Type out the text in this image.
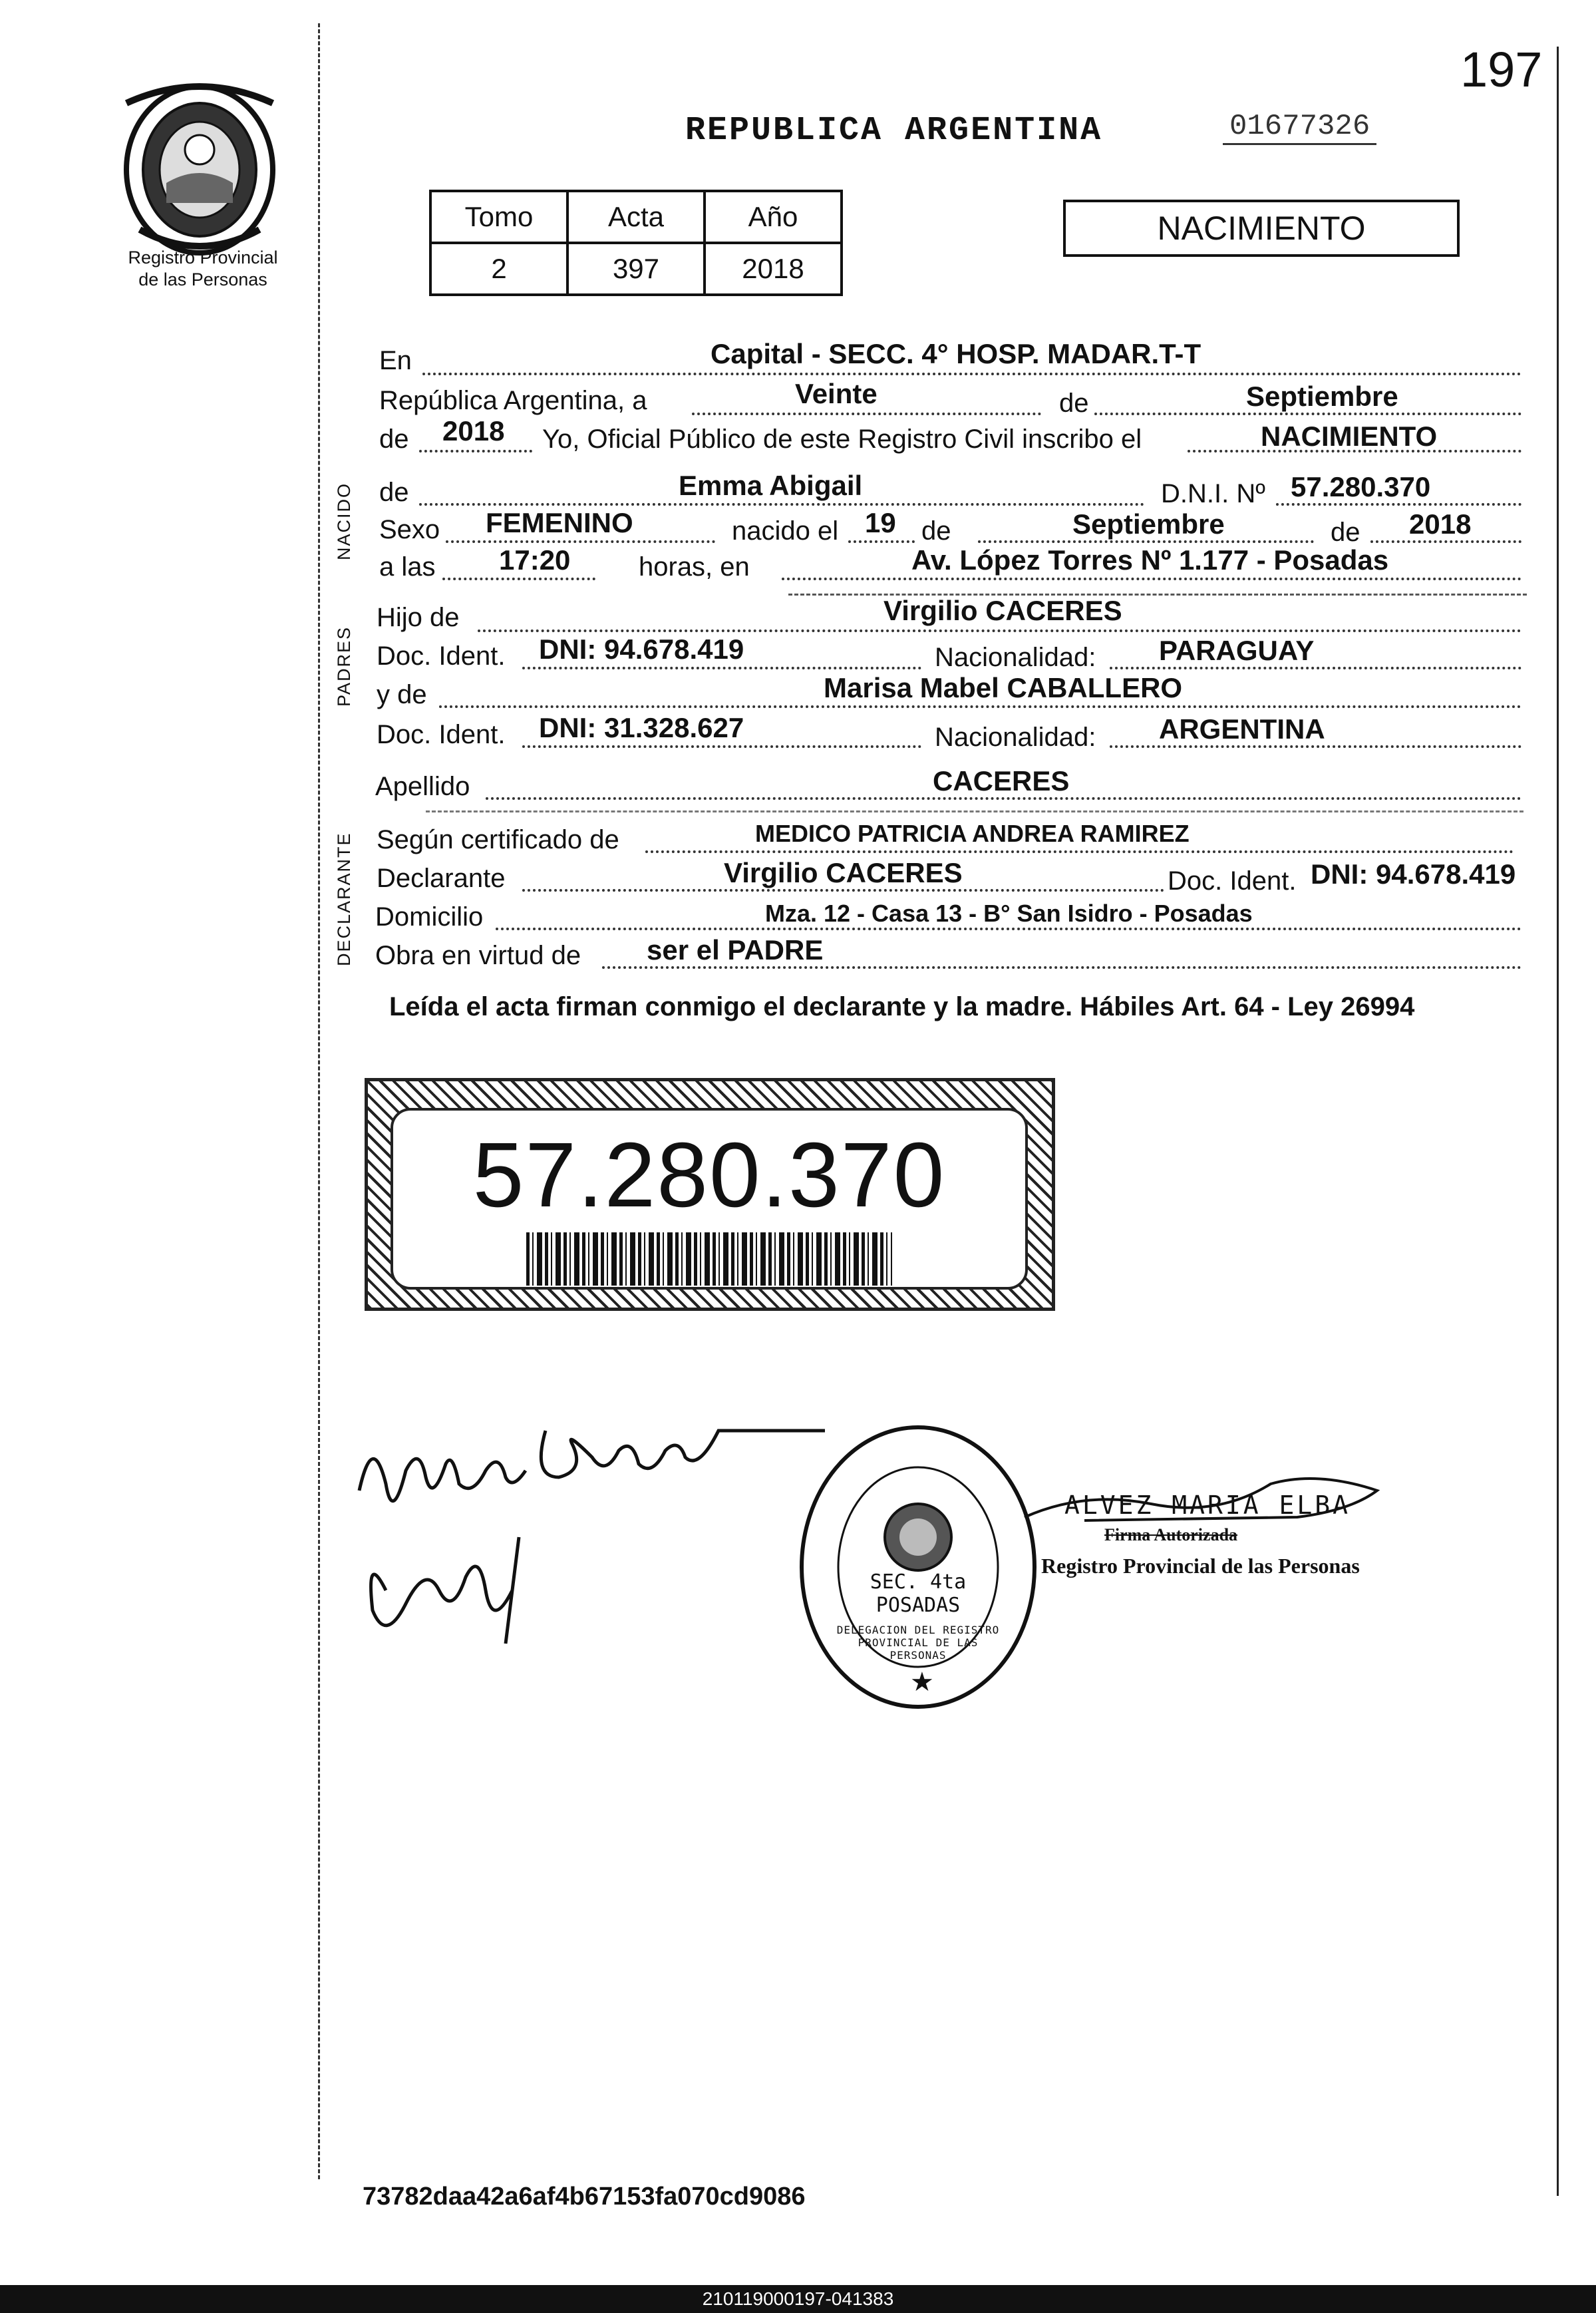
197
Registro Provincial
de las Personas
REPUBLICA ARGENTINA	01677326
Tomo	Acta	Año
2	397	2018
NACIMIENTO
NACIDO
PADRES
DECLARANTE
En	Capital - SECC. 4° HOSP. MADAR.T-T
República Argentina, a	Veinte	de	Septiembre
de 2018 Yo, Oficial Público de este Registro Civil inscribo el	NACIMIENTO
de	Emma Abigail	D.N.I. Nº 57.280.370
Sexo FEMENINO	nacido el 19 de	Septiembre	de 2018
a las 17:20	horas, en	Av. López Torres Nº 1.177 - Posadas
Hijo de	Virgilio CACERES
Doc. Ident. DNI: 94.678.419	Nacionalidad: PARAGUAY
y de	Marisa Mabel CABALLERO
Doc. Ident. DNI: 31.328.627	Nacionalidad: ARGENTINA
Apellido	CACERES
Según certificado de	MEDICO PATRICIA ANDREA RAMIREZ
Declarante	Virgilio CACERES	Doc. Ident. DNI: 94.678.419
Domicilio	Mza. 12 - Casa 13 - B° San Isidro - Posadas
Obra en virtud de ser el PADRE
Leída el acta firman conmigo el declarante y la madre. Hábiles Art. 64 - Ley 26994
57.280.370
DELEGACION DEL REGISTRO PROVINCIAL DE LAS PERSONAS
SEC. 4ta POSADAS
★
ALVEZ MARIA ELBA
Firma Autorizada
Registro Provincial de las Personas
73782daa42a6af4b67153fa070cd9086
210119000197-041383
